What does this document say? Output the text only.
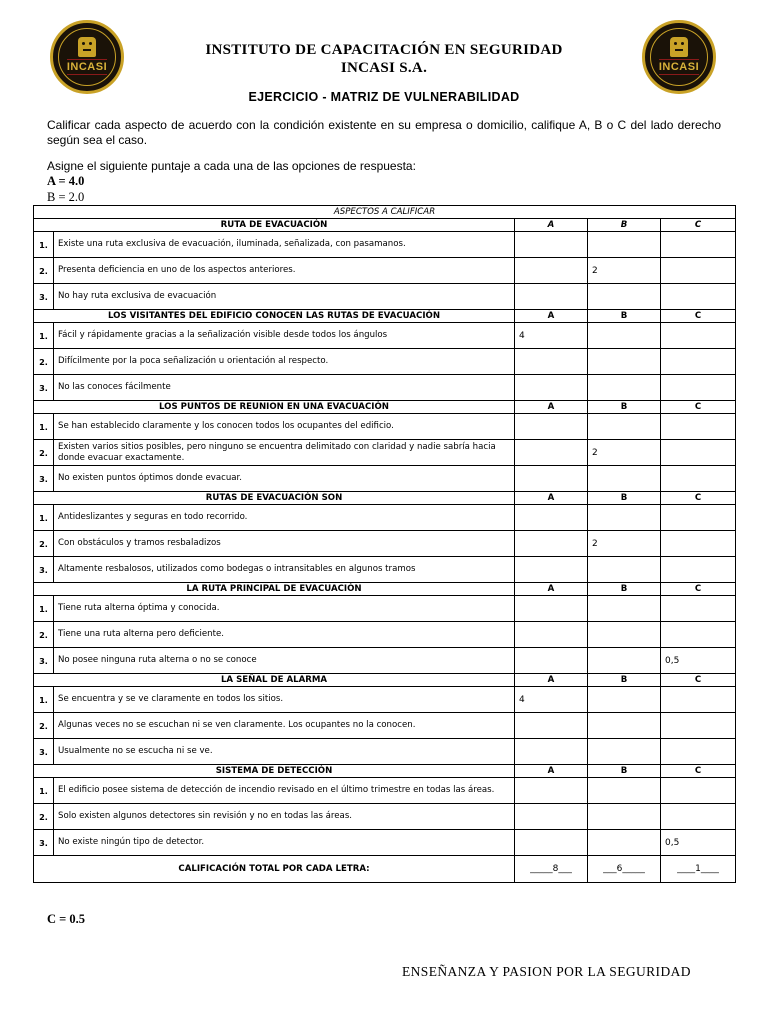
INCASI	INCASI
INSTITUTO DE CAPACITACIÓN EN SEGURIDAD
INCASI S.A.
EJERCICIO - MATRIZ DE VULNERABILIDAD
Calificar cada aspecto de acuerdo con la condición existente en su empresa o domicilio, califique A, B o C del lado derecho según sea el caso.
Asigne el siguiente puntaje a cada una de las opciones de respuesta:
A = 4.0
B = 2.0
ASPECTOS A CALIFICAR				
RUTA DE EVACUACIÓN		A	B	C
1.	Existe una ruta exclusiva de evacuación, iluminada, señalizada, con pasamanos.			
2.	Presenta deficiencia en uno de los aspectos anteriores.		2	
3.	No hay ruta exclusiva de evacuación			
LOS VISITANTES DEL EDIFICIO CONOCEN LAS RUTAS DE EVACUACIÓN		A	B	C
1.	Fácil y rápidamente gracias a la señalización visible desde todos los ángulos	4		
2.	Difícilmente por la poca señalización u orientación al respecto.			
3.	No las conoces fácilmente			
LOS PUNTOS DE REUNION EN UNA EVACUACIÓN		A	B	C
1.	Se han establecido claramente y los conocen todos los ocupantes del edificio.			
2.	Existen varios sitios posibles, pero ninguno se encuentra delimitado con claridad y nadie sabría hacia donde evacuar exactamente.		2	
3.	No existen puntos óptimos donde evacuar.			
RUTAS DE EVACUACIÓN SON		A	B	C
1.	Antideslizantes y seguras en todo recorrido.			
2.	Con obstáculos y tramos resbaladizos		2	
3.	Altamente resbalosos, utilizados como bodegas o intransitables en algunos tramos			
LA RUTA PRINCIPAL DE EVACUACIÓN		A	B	C
1.	Tiene ruta alterna óptima y conocida.			
2.	Tiene una ruta alterna pero deficiente.			
3.	No posee ninguna ruta alterna o no se conoce			0,5
LA SEÑAL DE ALARMA		A	B	C
1.	Se encuentra y se ve claramente en todos los sitios.	4		
2.	Algunas veces no se escuchan ni se ven claramente. Los ocupantes no la conocen.			
3.	Usualmente no se escucha ni se ve.			
SISTEMA DE DETECCIÓN		A	B	C
1.	El edificio posee sistema de detección de incendio revisado en el último trimestre en todas las áreas.			
2.	Solo existen algunos detectores sin revisión y no en todas las áreas.			
3.	No existe ningún tipo de detector.			0,5
CALIFICACIÓN TOTAL POR CADA LETRA:		_____8___	___6_____	____1____
C = 0.5
ENSEÑANZA Y PASION POR LA SEGURIDAD
